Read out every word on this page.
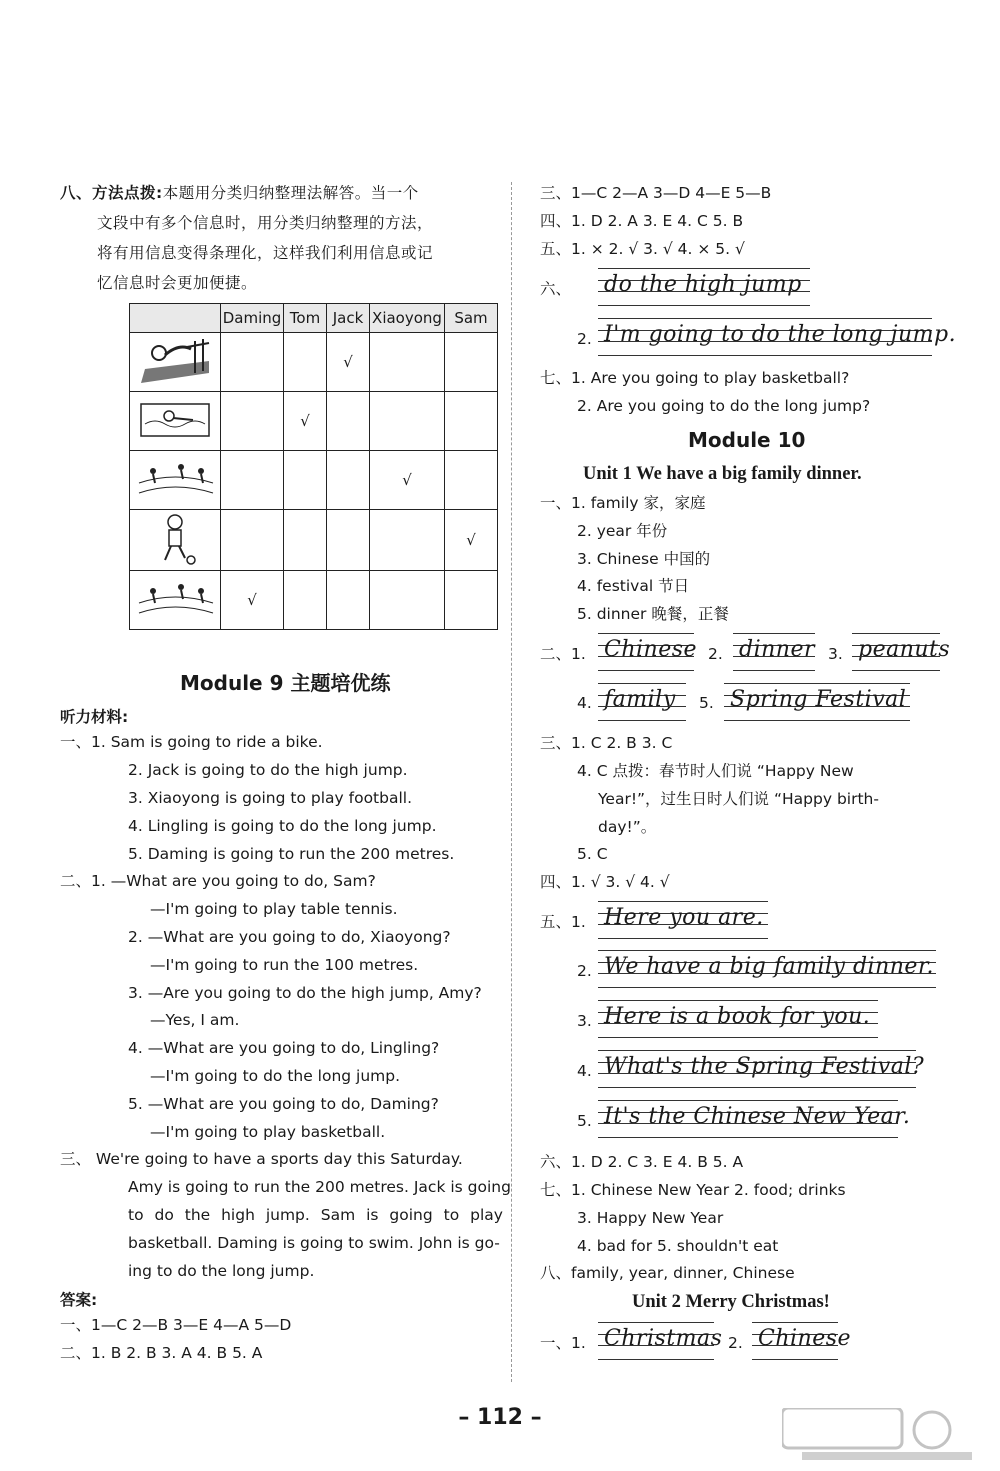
八、方法点拨:本题用分类归纳整理法解答。当一个
文段中有多个信息时，用分类归纳整理的方法，
将有用信息变得条理化，这样我们利用信息或记
忆信息时会更加便捷。
	Daming	Tom	Jack	Xiaoyong	Sam
			√		
		√			
				√	
					√
	√				
Module 9 主题培优练
听力材料:
一、1. Sam is going to ride a bike.
2. Jack is going to do the high jump.
3. Xiaoyong is going to play football.
4. Lingling is going to do the long jump.
5. Daming is going to run the 200 metres.
二、1. —What are you going to do, Sam?
—I'm going to play table tennis.
2. —What are you going to do, Xiaoyong?
—I'm going to run the 100 metres.
3. —Are you going to do the high jump, Amy?
—Yes, I am.
4. —What are you going to do, Lingling?
—I'm going to do the long jump.
5. —What are you going to do, Daming?
—I'm going to play basketball.
三、 We're going to have a sports day this Saturday.
Amy is going to run the 200 metres. Jack is going
to do the high jump. Sam is going to play
basketball. Daming is going to swim. John is go-
ing to do the long jump.
答案:
一、1—C 2—B 3—E 4—A 5—D
二、1. B 2. B 3. A 4. B 5. A
三、1—C 2—A 3—D 4—E 5—B
四、1. D 2. A 3. E 4. C 5. B
五、1. × 2. √ 3. √ 4. × 5. √
六、 do the high jump
2. I'm going to do the long jump.
七、1. Are you going to play basketball?
2. Are you going to do the long jump?
Module 10
Unit 1 We have a big family dinner.
一、1. family 家，家庭
2. year 年份
3. Chinese 中国的
4. festival 节日
5. dinner 晚餐，正餐
二、1. Chinese 2. dinner 3. peanuts
4. family 5. Spring Festival
三、1. C 2. B 3. C
4. C 点拨：春节时人们说 “Happy New
Year!”，过生日时人们说 “Happy birth-
day!”。
5. C
四、1. √ 3. √ 4. √
五、1. Here you are.
2. We have a big family dinner.
3. Here is a book for you.
4. What's the Spring Festival?
5. It's the Chinese New Year.
六、1. D 2. C 3. E 4. B 5. A
七、1. Chinese New Year 2. food; drinks
3. Happy New Year
4. bad for 5. shouldn't eat
八、family, year, dinner, Chinese
Unit 2 Merry Christmas!
一、1. Christmas 2. Chinese
– 112 –
